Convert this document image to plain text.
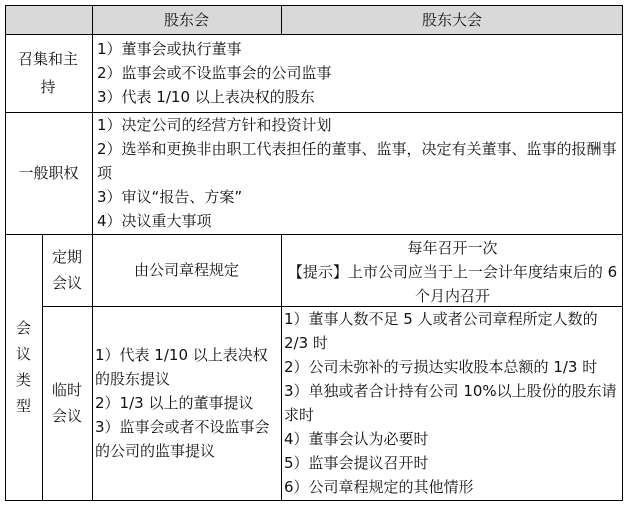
股东会	股东大会
召集和主持
1）董事会或执行董事
2）监事会或不设监事会的公司监事
3）代表 1/10 以上表决权的股东
一般职权
1）决定公司的经营方针和投资计划
2）选举和更换非由职工代表担任的董事、监事，决定有关董事、监事的报酬事项
3）审议“报告、方案”
4）决议重大事项
会议类型
定期会议
由公司章程规定
每年召开一次
【提示】上市公司应当于上一会计年度结束后的 6 个月内召开
临时会议
1）代表 1/10 以上表决权的股东提议
2）1/3 以上的董事提议
3）监事会或者不设监事会的公司的监事提议
1）董事人数不足 5 人或者公司章程所定人数的 2/3 时
2）公司未弥补的亏损达实收股本总额的 1/3 时
3）单独或者合计持有公司 10%以上股份的股东请求时
4）董事会认为必要时
5）监事会提议召开时
6）公司章程规定的其他情形
